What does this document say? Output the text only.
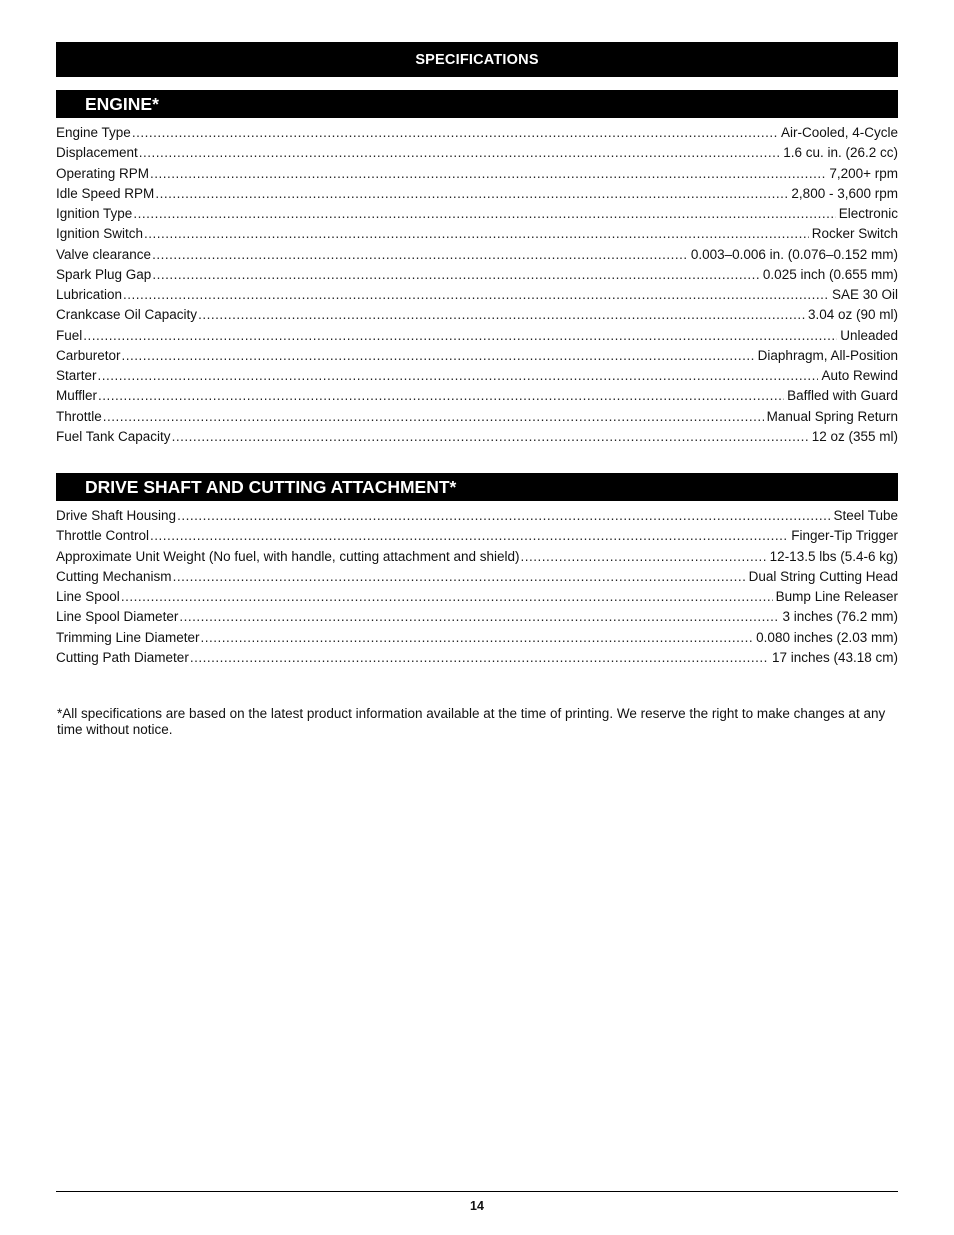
SPECIFICATIONS
ENGINE*
Engine Type .....	Air-Cooled, 4-Cycle
Displacement .....	1.6 cu. in. (26.2 cc)
Operating RPM .....	7,200+ rpm
Idle Speed RPM .....	2,800 - 3,600 rpm
Ignition Type .....	Electronic
Ignition Switch .....	Rocker Switch
Valve clearance .....	0.003–0.006 in. (0.076–0.152 mm)
Spark Plug Gap .....	0.025 inch (0.655 mm)
Lubrication .....	SAE 30 Oil
Crankcase Oil Capacity .....	3.04 oz (90 ml)
Fuel .....	Unleaded
Carburetor .....	Diaphragm, All-Position
Starter .....	Auto Rewind
Muffler .....	Baffled with Guard
Throttle .....	Manual Spring Return
Fuel Tank Capacity .....	12 oz (355 ml)
DRIVE SHAFT AND CUTTING ATTACHMENT*
Drive Shaft Housing .....	Steel Tube
Throttle Control .....	Finger-Tip Trigger
Approximate Unit Weight (No fuel, with handle, cutting attachment and shield) .....	12-13.5 lbs (5.4-6 kg)
Cutting Mechanism .....	Dual String Cutting Head
Line Spool .....	Bump Line Releaser
Line Spool Diameter .....	3 inches (76.2 mm)
Trimming Line Diameter .....	0.080 inches (2.03 mm)
Cutting Path Diameter .....	17 inches (43.18 cm)
*All specifications are based on the latest product information available at the time of printing. We reserve the right to make changes at any time without notice.
14
